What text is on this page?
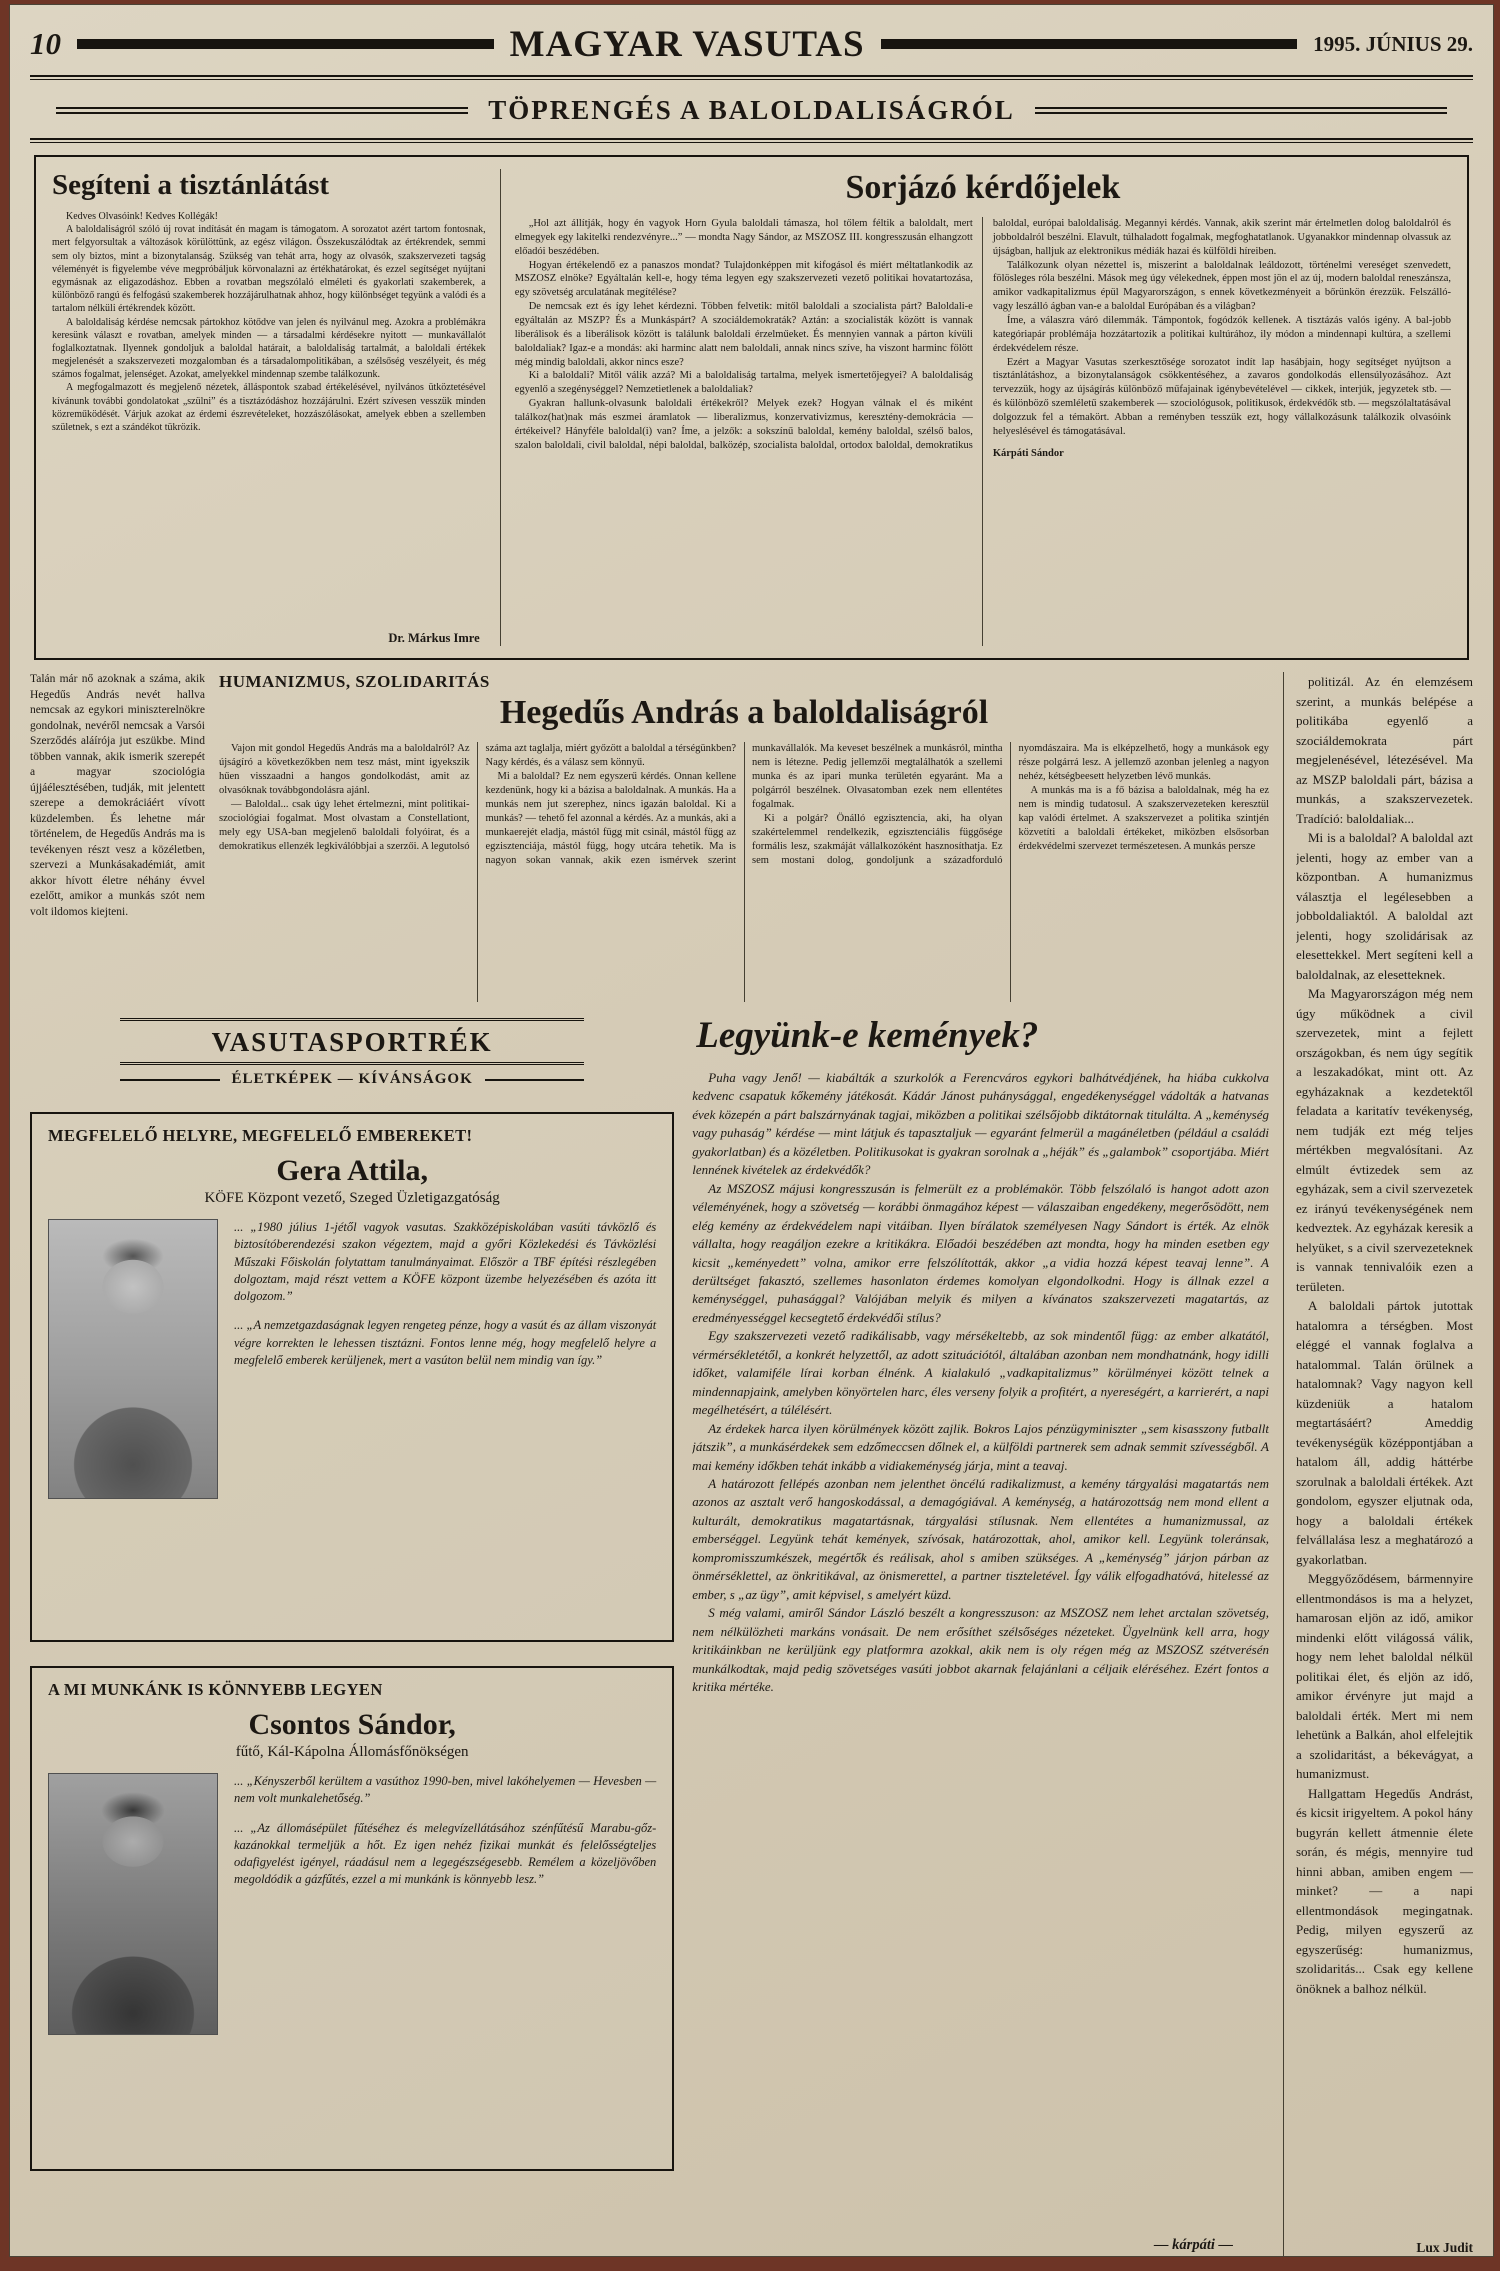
10	MAGYAR VASUTAS	1995. JÚNIUS 29.
TÖPRENGÉS A BALOLDALISÁGRÓL
Segíteni a tisztánlátást

Kedves Olvasóink! Kedves Kollégák!

A baloldaliságról szóló új rovat indítását én magam is támogatom. A sorozatot azért tartom fontosnak, mert felgyorsultak a változások körülöttünk, az egész világon. Összekuszálódtak az értékrendek, semmi sem oly biztos, mint a bizonytalanság. Szükség van tehát arra, hogy az olvasók, szakszervezeti tagság véleményét is figyelembe véve megpróbáljuk körvonalazni az értékhatárokat, és ezzel segítséget nyújtani egymásnak az eligazodáshoz. Ebben a rovatban megszólaló elméleti és gyakorlati szakemberek, a különböző rangú és felfogású szakemberek hozzájárulhatnak ahhoz, hogy különbséget tegyünk a valódi és a tartalom nélküli értékrendek között.

A baloldaliság kérdése nemcsak pártokhoz kötődve van jelen és nyilvánul meg. Azokra a problémákra keresünk választ e rovatban, amelyek minden — a társadalmi kérdésekre nyitott — munkavállalót foglalkoztatnak. Ilyennek gondoljuk a baloldal határait, a baloldaliság tartalmát, a baloldali értékek megjelenését a szakszervezeti mozgalomban és a társadalompolitikában, a szélsőség veszélyeit, és még számos fogalmat, jelenséget. Azokat, amelyekkel mindennap szembe találkozunk.

A megfogalmazott és megjelenő nézetek, álláspontok szabad értékelésével, nyilvános ütköztetésével kívánunk további gondolatokat „szülni” és a tisztázódáshoz hozzájárulni. Ezért szívesen vesszük minden közreműködését. Várjuk azokat az érdemi észrevételeket, hozzászólásokat, amelyek ebben a szellemben születnek, s ezt a szándékot tükrözik.

Dr. Márkus Imre
Sorjázó kérdőjelek

„Hol azt állítják, hogy én vagyok Horn Gyula baloldali támasza, hol tőlem féltik a baloldalt, mert elmegyek egy lakitelki rendezvényre...” — mondta Nagy Sándor, az MSZOSZ III. kongresszusán elhangzott előadói beszédében.

Hogyan értékelendő ez a panaszos mondat? Tulajdonképpen mit kifogásol és miért méltatlankodik az MSZOSZ elnöke? Egyáltalán kell-e, hogy téma legyen egy szakszervezeti vezető politikai hovatartozása, egy szövetség arculatának megítélése?

De nemcsak ezt és így lehet kérdezni. Többen felvetik: mitől baloldali a szocialista párt? Baloldali-e egyáltalán az MSZP? És a Munkáspárt? A szociáldemokraták? Aztán: a szocialisták között is vannak liberálisok és a liberálisok között is találunk baloldali érzelműeket. És mennyien vannak a párton kívüli baloldaliak? Igaz-e a mondás: aki harminc alatt nem baloldali, annak nincs szíve, ha viszont harminc fölött még mindig baloldali, akkor nincs esze?

Ki a baloldali? Mitől válik azzá? Mi a baloldaliság tartalma, melyek ismertetőjegyei? A baloldaliság egyenlő a szegénységgel? Nemzetietlenek a baloldaliak?

Gyakran hallunk-olvasunk baloldali értékekről? Melyek ezek? Hogyan válnak el és miként találkoz(hat)nak más eszmei áramlatok — liberalizmus, konzervativizmus, keresztény-demokrácia — értékeivel? Hányféle baloldal(i) van? Íme, a jelzők: a sokszínű baloldal, kemény baloldal, szélső balos, szalon baloldali, civil baloldal, népi baloldal, balközép, szocialista baloldal, ortodox baloldal, demokratikus baloldal, európai baloldaliság. Megannyi kérdés. Vannak, akik szerint már értelmetlen dolog baloldalról és jobboldalról beszélni. Elavult, túlhaladott fogalmak, megfoghatatlanok. Ugyanakkor mindennap olvassuk az újságban, halljuk az elektronikus médiák hazai és külföldi híreiben.

Találkozunk olyan nézettel is, miszerint a baloldalnak leáldozott, történelmi vereséget szenvedett, fölösleges róla beszélni. Mások meg úgy vélekednek, éppen most jön el az új, modern baloldal reneszánsza, amikor vadkapitalizmus épül Magyarországon, s ennek következményeit a bőrünkön érezzük. Felszálló- vagy leszálló ágban van-e a baloldal Európában és a világban?

Íme, a válaszra váró dilemmák. Támpontok, fogódzók kellenek. A tisztázás valós igény. A bal-jobb kategóriapár problémája hozzátartozik a politikai kultúrához, ily módon a mindennapi kultúra, a szellemi érdekvédelem része.

Ezért a Magyar Vasutas szerkesztősége sorozatot indít lap hasábjain, hogy segítséget nyújtson a tisztánlátáshoz, a bizonytalanságok csökkentéséhez, a zavaros gondolkodás ellensúlyozásához. Azt tervezzük, hogy az újságírás különböző műfajainak igénybevételével — cikkek, interjúk, jegyzetek stb. — és különböző szemléletű szakemberek — szociológusok, politikusok, érdekvédők stb. — megszólaltatásával dolgozzuk fel a témakört. Abban a reményben tesszük ezt, hogy vállalkozásunk találkozik olvasóink helyeslésével és támogatásával.

Kárpáti Sándor

Talán már nő azoknak a száma, akik Hegedűs András nevét hallva nemcsak az egykori miniszterelnökre gondolnak, nevéről nemcsak a Varsói Szerződés aláírója jut eszükbe. Mind többen vannak, akik ismerik szerepét a magyar szociológia újjáélesztésében, tudják, mit jelentett szerepe a demokráciáért vívott küzdelemben. És lehetne már történelem, de Hegedűs András ma is tevékenyen részt vesz a közéletben, szervezi a Munkásakadémiát, amit akkor hívott életre néhány évvel ezelőtt, amikor a munkás szót nem volt ildomos kiejteni.
HUMANIZMUS, SZOLIDARITÁS
Hegedűs András a baloldaliságról

Vajon mit gondol Hegedűs András ma a baloldalról? Az újságíró a következőkben nem tesz mást, mint igyekszik hűen visszaadni a hangos gondolkodást, amit az olvasóknak továbbgondolásra ajánl.

— Baloldal... csak úgy lehet értelmezni, mint politikai-szociológiai fogalmat. Most olvastam a Constellationt, mely egy USA-ban megjelenő baloldali folyóirat, és a demokratikus ellenzék legkiválóbbjai a szerzői. A legutolsó száma azt taglalja, miért győzött a baloldal a térségünkben? Nagy kérdés, és a válasz sem könnyű.

Mi a baloldal? Ez nem egyszerű kérdés. Onnan kellene kezdenünk, hogy ki a bázisa a baloldalnak. A munkás. Ha a munkás nem jut szerephez, nincs igazán baloldal. Ki a munkás? — tehető fel azonnal a kérdés. Az a munkás, aki a munkaerejét eladja, mástól függ mit csinál, mástól függ az egzisztenciája, mástól függ, hogy utcára tehetik. Ma is nagyon sokan vannak, akik ezen ismérvek szerint munkavállalók. Ma keveset beszélnek a munkásról, mintha nem is létezne. Pedig jellemzői megtalálhatók a szellemi munka és az ipari munka területén egyaránt. Ma a polgárról beszélnek. Olvasatomban ezek nem ellentétes fogalmak.

Ki a polgár? Önálló egzisztencia, aki, ha olyan szakértelemmel rendelkezik, egzisztenciális függősége formális lesz, szakmáját vállalkozóként hasznosíthatja. Ez sem mostani dolog, gondoljunk a századforduló nyomdászaira. Ma is elképzelhető, hogy a munkások egy része polgárrá lesz. A jellemző azonban jelenleg a nagyon nehéz, kétségbeesett helyzetben lévő munkás.

A munkás ma is a fő bázisa a baloldalnak, még ha ez nem is mindig tudatosul. A szakszervezeteken keresztül kap valódi értelmet. A szakszervezet a politika szintjén közvetíti a baloldali értékeket, miközben elsősorban érdekvédelmi szervezet természetesen. A munkás persze

politizál. Az én elemzésem szerint, a munkás belépése a politikába egyenlő a szociáldemokrata párt megjelenésével, létezésével. Ma az MSZP baloldali párt, bázisa a munkás, a szakszervezetek. Tradíció: baloldaliak...

Mi is a baloldal? A baloldal azt jelenti, hogy az ember van a központban. A humanizmus választja el legélesebben a jobboldaliaktól. A baloldal azt jelenti, hogy szolidárisak az elesettekkel. Mert segíteni kell a baloldalnak, az elesetteknek.

Ma Magyarországon még nem úgy működnek a civil szervezetek, mint a fejlett országokban, és nem úgy segítik a leszakadókat, mint ott. Az egyházaknak a kezdetektől feladata a karitatív tevékenység, nem tudják ezt még teljes mértékben megvalósítani. Az elmúlt évtizedek sem az egyházak, sem a civil szervezetek ez irányú tevékenységének nem kedveztek. Az egyházak keresik a helyüket, s a civil szervezeteknek is vannak tennivalóik ezen a területen.

A baloldali pártok jutottak hatalomra a térségben. Most eléggé el vannak foglalva a hatalommal. Talán örülnek a hatalomnak? Vagy nagyon kell küzdeniük a hatalom megtartásáért? Ameddig tevékenységük középpontjában a hatalom áll, addig háttérbe szorulnak a baloldali értékek. Azt gondolom, egyszer eljutnak oda, hogy a baloldali értékek felvállalása lesz a meghatározó a gyakorlatban.

Meggyőződésem, bármennyire ellentmondásos is ma a helyzet, hamarosan eljön az idő, amikor mindenki előtt világossá válik, hogy nem lehet baloldal nélkül politikai élet, és eljön az idő, amikor érvényre jut majd a baloldali érték. Mert mi nem lehetünk a Balkán, ahol elfelejtik a szolidaritást, a békevágyat, a humanizmust.

Hallgattam Hegedűs Andrást, és kicsit irigyeltem. A pokol hány bugyrán kellett átmennie élete során, és mégis, mennyire tud hinni abban, amiben engem — minket? — a napi ellentmondások megingatnak. Pedig, milyen egyszerű az egyszerűség: humanizmus, szolidaritás... Csak egy kellene önöknek a balhoz nélkül.

Lux Judit
VASUTASPORTRÉK
ÉLETKÉPEK — KÍVÁNSÁGOK
MEGFELELŐ HELYRE, MEGFELELŐ EMBEREKET!
Gera Attila,
KÖFE Központ vezető, Szeged Üzletigazgatóság

... „1980 július 1-jétől vagyok vasutas. Szakközépiskolában vasúti távközlő és biztosítóberendezési szakon végeztem, majd a győri Közlekedési és Távközlési Műszaki Főiskolán folytattam tanulmányaimat. Először a TBF építési részlegében dolgoztam, majd részt vettem a KÖFE központ üzembe helyezésében és azóta itt dolgozom.”

... „A nemzetgazdaságnak legyen rengeteg pénze, hogy a vasút és az állam viszonyát végre korrekten le lehessen tisztázni. Fontos lenne még, hogy megfelelő helyre a megfelelő emberek kerüljenek, mert a vasúton belül nem mindig van így.”

A MI MUNKÁNK IS KÖNNYEBB LEGYEN
Csontos Sándor,
fűtő, Kál-Kápolna Állomásfőnökségen

... „Kényszerből kerültem a vasúthoz 1990-ben, mivel lakóhelyemen — Hevesben — nem volt munkalehetőség.”

... „Az állomásépület fűtéséhez és melegvízellátásához szénfűtésű Marabu-gőz-kazánokkal termeljük a hőt. Ez igen nehéz fizikai munkát és felelősségteljes odafigyelést igényel, ráadásul nem a legegészségesebb. Remélem a közeljövőben megoldódik a gázfűtés, ezzel a mi munkánk is könnyebb lesz.”

Legyünk-e kemények?

Puha vagy Jenő! — kiabálták a szurkolók a Ferencváros egykori balhátvédjének, ha hiába cukkolva kedvenc csapatuk kőkemény játékosát. Kádár Jánost puhánysággal, engedékenységgel vádolták a hatvanas évek közepén a párt balszárnyának tagjai, miközben a politikai szélsőjobb diktátornak titulálta. A „keménység vagy puhaság” kérdése — mint látjuk és tapasztaljuk — egyaránt felmerül a magánéletben (például a családi gyakorlatban) és a közéletben. Politikusokat is gyakran sorolnak a „héják” és „galambok” csoportjába. Miért lennének kivételek az érdekvédők?

Az MSZOSZ májusi kongresszusán is felmerült ez a problémakör. Több felszólaló is hangot adott azon véleményének, hogy a szövetség — korábbi önmagához képest — válaszaiban engedékeny, megerősödött, nem elég kemény az érdekvédelem napi vitáiban. Ilyen bírálatok személyesen Nagy Sándort is érték. Az elnök vállalta, hogy reagáljon ezekre a kritikákra. Előadói beszédében azt mondta, hogy ha minden esetben egy kicsit „keményedett” volna, amikor erre felszólították, akkor „a vidia hozzá képest teavaj lenne”. A derültséget fakasztó, szellemes hasonlaton érdemes komolyan elgondolkodni. Hogy is állnak ezzel a keménységgel, puhasággal? Valójában melyik és milyen a kívánatos szakszervezeti magatartás, az eredményességgel kecsegtető érdekvédői stílus?

Egy szakszervezeti vezető radikálisabb, vagy mérsékeltebb, az sok mindentől függ: az ember alkatától, vérmérsékletétől, a konkrét helyzettől, az adott szituációtól, általában azonban nem mondhatnánk, hogy idilli időket, valamiféle lírai korban élnénk. A kialakuló „vadkapitalizmus” körülményei között telnek a mindennapjaink, amelyben könyörtelen harc, éles verseny folyik a profitért, a nyereségért, a karrierért, a napi megélhetésért, a túlélésért.

Az érdekek harca ilyen körülmények között zajlik. Bokros Lajos pénzügyminiszter „sem kisasszony futballt játszik”, a munkásérdekek sem edzőmeccsen dőlnek el, a külföldi partnerek sem adnak semmit szívességből. A mai kemény időkben tehát inkább a vidiakeménység járja, mint a teavaj.

A határozott fellépés azonban nem jelenthet öncélú radikalizmust, a kemény tárgyalási magatartás nem azonos az asztalt verő hangoskodással, a demagógiával. A keménység, a határozottság nem mond ellent a kulturált, demokratikus magatartásnak, tárgyalási stílusnak. Nem ellentétes a humanizmussal, az emberséggel. Legyünk tehát kemények, szívósak, határozottak, ahol, amikor kell. Legyünk toleránsak, kompromisszumkészek, megértők és reálisak, ahol s amiben szükséges. A „keménység” járjon párban az önmérséklettel, az önkritikával, az önismerettel, a partner tiszteletével. Így válik elfogadhatóvá, hitelessé az ember, s „az ügy”, amit képvisel, s amelyért küzd.

S még valami, amiről Sándor László beszélt a kongresszuson: az MSZOSZ nem lehet arctalan szövetség, nem nélkülözheti markáns vonásait. De nem erősíthet szélsőséges nézeteket. Ügyelnünk kell arra, hogy kritikáinkban ne kerüljünk egy platformra azokkal, akik nem is oly régen még az MSZOSZ szétverésén munkálkodtak, majd pedig szövetséges vasúti jobbot akarnak felajánlani a céljaik eléréséhez. Ezért fontos a kritika mértéke.

— kárpáti —
